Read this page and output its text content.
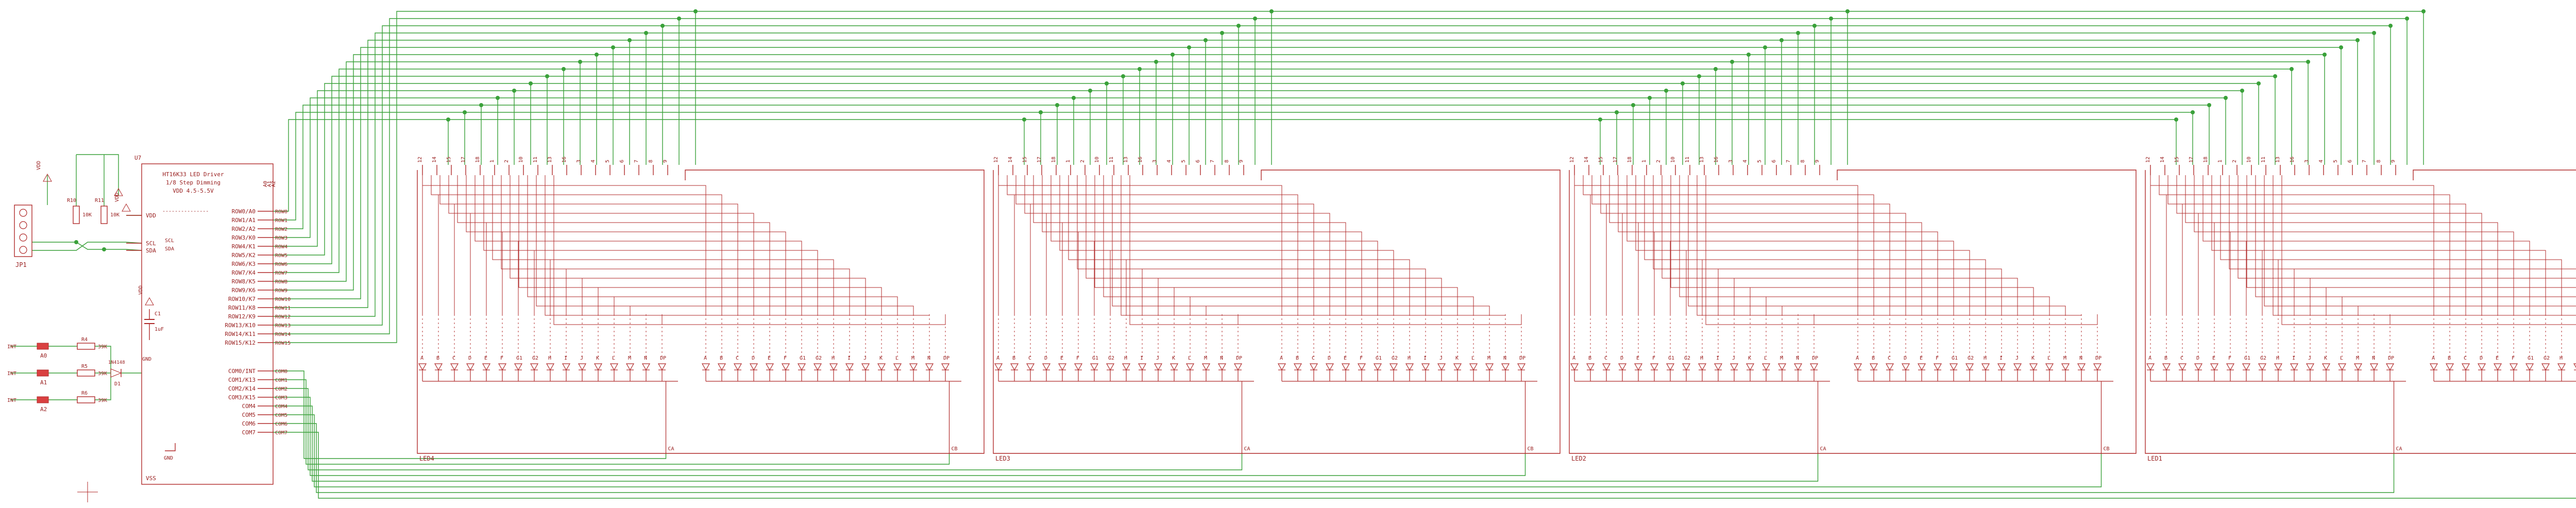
U7
HT16K33 LED Driver
1/8 Step Dimming
VDD 4.5-5.5V
---------------
VDD
SCL
SDA
ROW0/A0	ROW0
ROW1/A1	ROW1
ROW2/A2	ROW2
ROW3/K0	ROW3
ROW4/K1	ROW4
ROW5/K2	ROW5
ROW6/K3	ROW6
ROW7/K4	ROW7
ROW8/K5	ROW8
ROW9/K6	ROW9
ROW10/K7	ROW10
ROW11/K8	ROW11
ROW12/K9	ROW12
ROW13/K10	ROW13
ROW14/K11	ROW14
ROW15/K12	ROW15
A0
A1
A2
COM0/INT	COM0
COM1/K13	COM1
COM2/K14	COM2
COM3/K15	COM3
COM4	COM4
COM5	COM5
COM6	COM6
COM7	COM7
VSS
LED4
12 14 15 17 18 1 2 10 11 13 16 3 4 5 6 7 8 9
A B C D E F G1 G2 H I J K L M N DP
CA
A B C D E F G1 G2 H I J K L M N DP
CB
LED3
12 14 15 17 18 1 2 10 11 13 16 3 4 5 6 7 8 9
A B C D E F G1 G2 H I J K L M N DP
CA
A B C D E F G1 G2 H I J K L M N DP
CB
LED2
12 14 15 17 18 1 2 10 11 13 16 3 4 5 6 7 8 9
A B C D E F G1 G2 H I J K L M N DP
CA
A B C D E F G1 G2 H I J K L M N DP
CB
LED1
12 14 15 17 18 1 2 10 11 13 16 3 4 5 6 7 8 9
A B C D E F G1 G2 H I J K L M N DP
CA
A B C D E F G1 G2 H
JP1
VDD
R10
10K
R11
10K
VDD
C1
1uF
VDD
GND
A0
R4
39K
A1
R5
39K
A2
R6
39K
D1
1N4148
GND
SCL
SDA
INT
INT
INT
